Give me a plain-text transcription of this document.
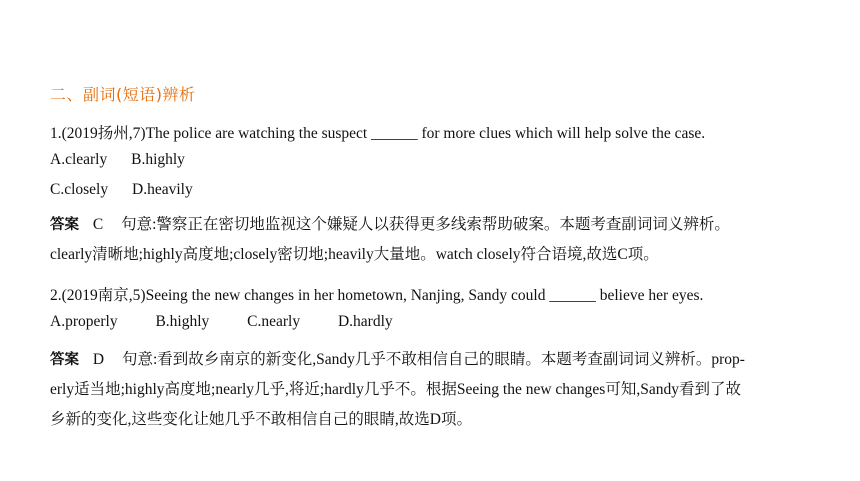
二、副词(短语)辨析
1.(2019扬州,7)The police are watching the suspect ______ for more clues which will help solve the case.
A.clearly B.highly
C.closely D.heavily
答案 C 句意:警察正在密切地监视这个嫌疑人以获得更多线索帮助破案。本题考查副词词义辨析。
clearly清晰地;highly高度地;closely密切地;heavily大量地。watch closely符合语境,故选C项。
2.(2019南京,5)Seeing the new changes in her hometown, Nanjing, Sandy could ______ believe her eyes.
A.properly B.highly C.nearly D.hardly
答案 D 句意:看到故乡南京的新变化,Sandy几乎不敢相信自己的眼睛。本题考查副词词义辨析。prop-
erly适当地;highly高度地;nearly几乎,将近;hardly几乎不。根据Seeing the new changes可知,Sandy看到了故
乡新的变化,这些变化让她几乎不敢相信自己的眼睛,故选D项。
